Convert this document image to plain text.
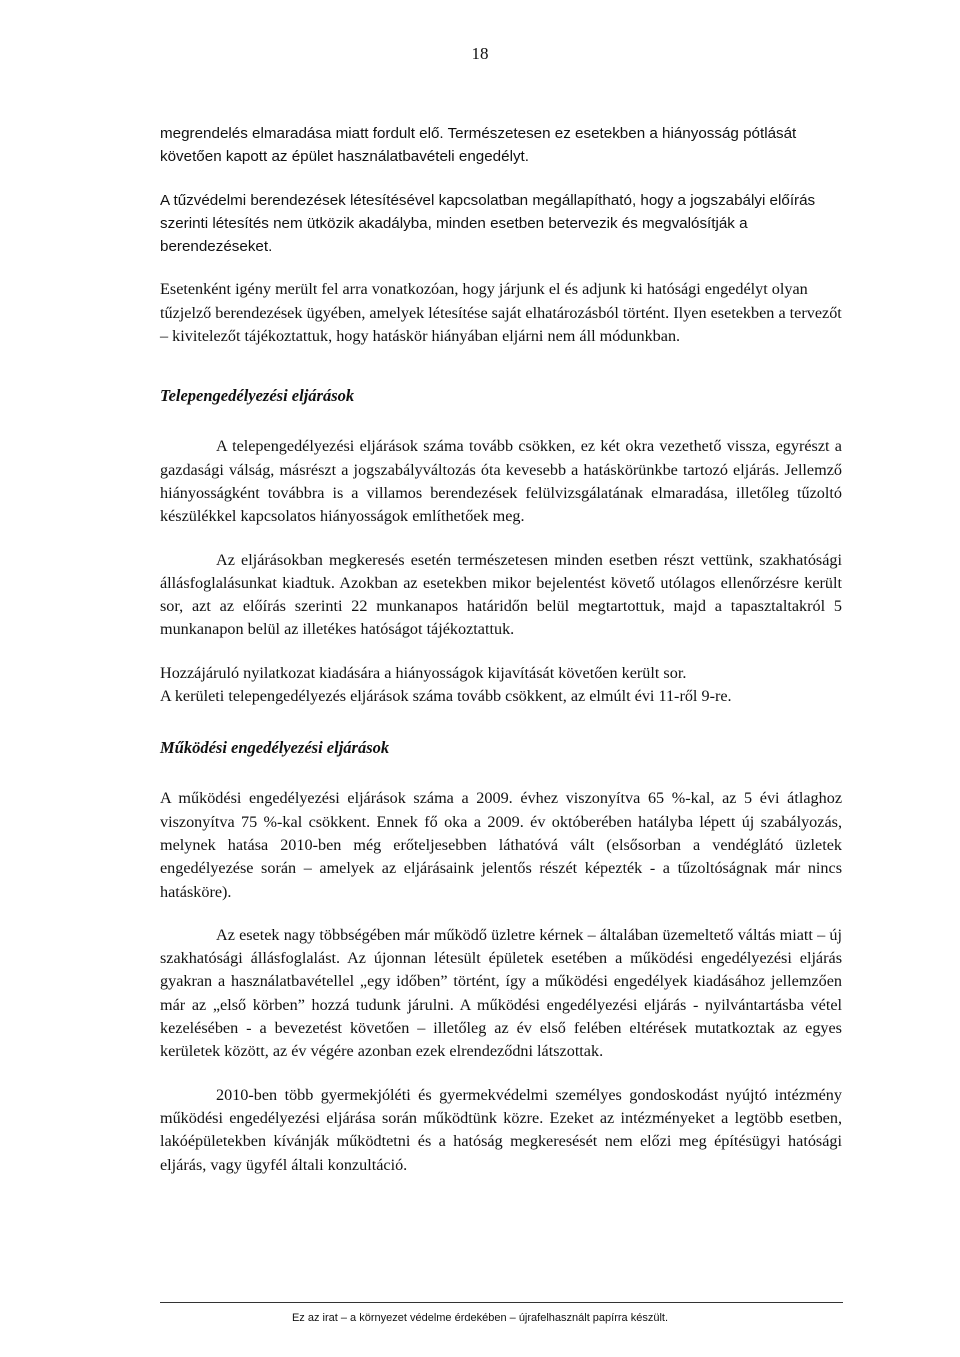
18

megrendelés elmaradása miatt fordult elő. Természetesen ez esetekben a hiányosság pótlását követően kapott az épület használatbavételi engedélyt.

A tűzvédelmi berendezések létesítésével kapcsolatban megállapítható, hogy a jogszabályi előírás szerinti létesítés nem ütközik akadályba, minden esetben betervezik és megvalósítják a berendezéseket.

Esetenként igény merült fel arra vonatkozóan, hogy járjunk el és adjunk ki hatósági engedélyt olyan tűzjelző berendezések ügyében, amelyek létesítése saját elhatározásból történt. Ilyen esetekben a tervezőt – kivitelezőt tájékoztattuk, hogy hatáskör hiányában eljárni nem áll módunkban.

Telepengedélyezési eljárások

A telepengedélyezési eljárások száma tovább csökken, ez két okra vezethető vissza, egyrészt a gazdasági válság, másrészt a jogszabályváltozás óta kevesebb a hatáskörünkbe tartozó eljárás. Jellemző hiányosságként továbbra is a villamos berendezések felülvizsgálatának elmaradása, illetőleg tűzoltó készülékkel kapcsolatos hiányosságok említhetőek meg.

Az eljárásokban megkeresés esetén természetesen minden esetben részt vettünk, szakhatósági állásfoglalásunkat kiadtuk. Azokban az esetekben mikor bejelentést követő utólagos ellenőrzésre került sor, azt az előírás szerinti 22 munkanapos határidőn belül megtartottuk, majd a tapasztaltakról 5 munkanapon belül az illetékes hatóságot tájékoztattuk.

Hozzájáruló nyilatkozat kiadására a hiányosságok kijavítását követően került sor.

A kerületi telepengedélyezés eljárások száma tovább csökkent, az elmúlt évi 11-ről 9-re.

Működési engedélyezési eljárások

A működési engedélyezési eljárások száma a 2009. évhez viszonyítva 65 %-kal, az 5 évi átlaghoz viszonyítva 75 %-kal csökkent. Ennek fő oka a 2009. év októberében hatályba lépett új szabályozás, melynek hatása 2010-ben még erőteljesebben láthatóvá vált (elsősorban a vendéglátó üzletek engedélyezése során – amelyek az eljárásaink jelentős részét képezték - a tűzoltóságnak már nincs hatásköre).

Az esetek nagy többségében már működő üzletre kérnek – általában üzemeltető váltás miatt – új szakhatósági állásfoglalást. Az újonnan létesült épületek esetében a működési engedélyezési eljárás gyakran a használatbavétellel „egy időben” történt, így a működési engedélyek kiadásához jellemzően már az „első körben” hozzá tudunk járulni. A működési engedélyezési eljárás - nyilvántartásba vétel kezelésében - a bevezetést követően – illetőleg az év első felében eltérések mutatkoztak az egyes kerületek között, az év végére azonban ezek elrendeződni látszottak.

2010-ben több gyermekjóléti és gyermekvédelmi személyes gondoskodást nyújtó intézmény működési engedélyezési eljárása során működtünk közre. Ezeket az intézményeket a legtöbb esetben, lakóépületekben kívánják működtetni és a hatóság megkeresését nem előzi meg építésügyi hatósági eljárás, vagy ügyfél általi konzultáció.

Ez az irat – a környezet védelme érdekében – újrafelhasznált papírra készült.
